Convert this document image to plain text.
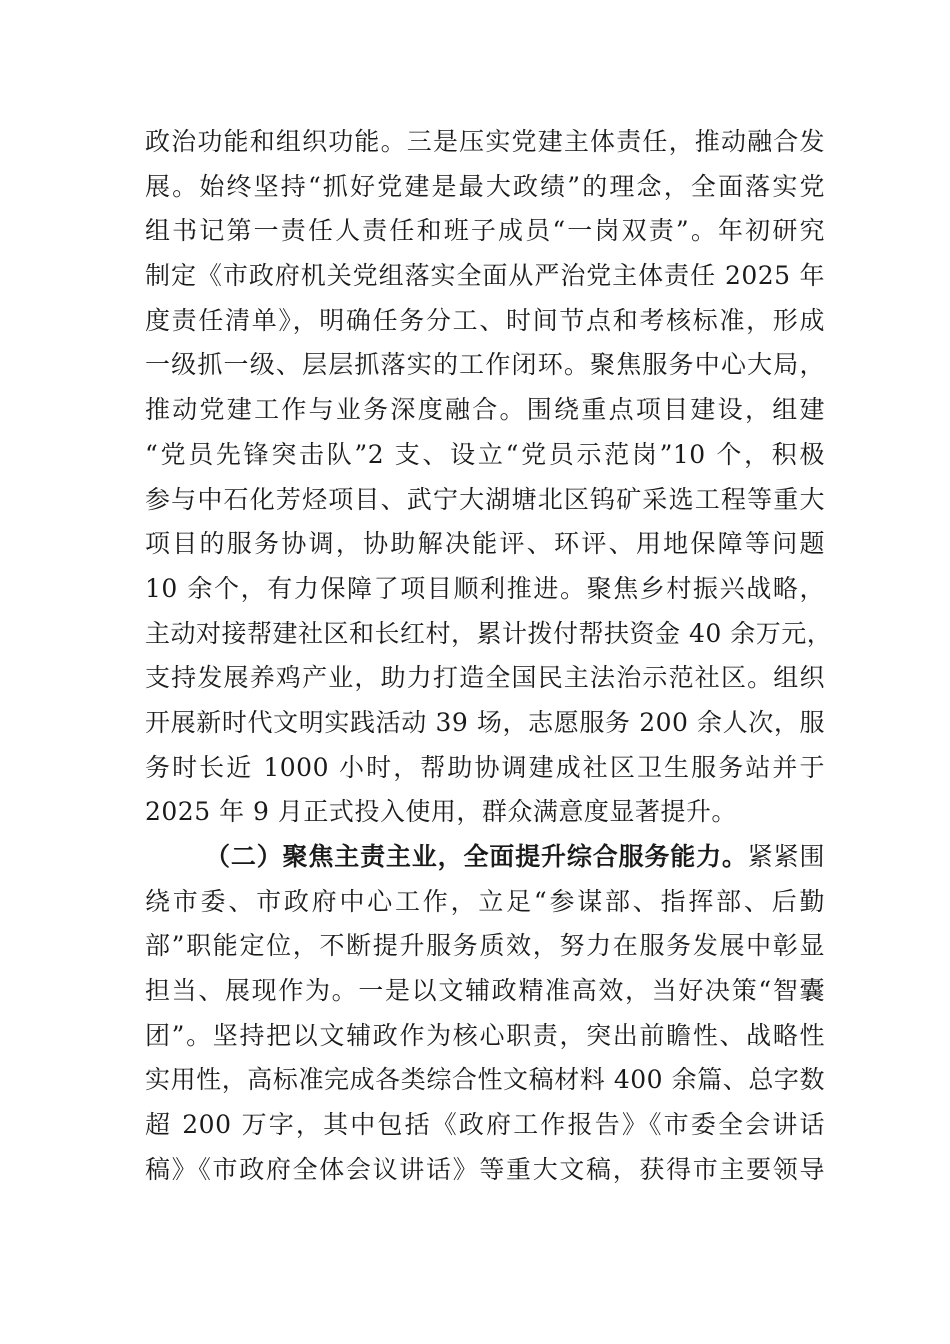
政治功能和组织功能。三是压实党建主体责任，推动融合发
展。始终坚持“抓好党建是最大政绩”的理念，全面落实党
组书记第一责任人责任和班子成员“一岗双责”。年初研究
制定《市政府机关党组落实全面从严治党主体责任 2025 年
度责任清单》，明确任务分工、时间节点和考核标准，形成
一级抓一级、层层抓落实的工作闭环。聚焦服务中心大局，
推动党建工作与业务深度融合。围绕重点项目建设，组建
“党员先锋突击队”2 支、设立“党员示范岗”10 个，积极
参与中石化芳烃项目、武宁大湖塘北区钨矿采选工程等重大
项目的服务协调，协助解决能评、环评、用地保障等问题
10 余个，有力保障了项目顺利推进。聚焦乡村振兴战略，
主动对接帮建社区和长红村，累计拨付帮扶资金 40 余万元，
支持发展养鸡产业，助力打造全国民主法治示范社区。组织
开展新时代文明实践活动 39 场，志愿服务 200 余人次，服
务时长近 1000 小时，帮助协调建成社区卫生服务站并于
2025 年 9 月正式投入使用，群众满意度显著提升。
（二）聚焦主责主业，全面提升综合服务能力。紧紧围
绕市委、市政府中心工作，立足“参谋部、指挥部、后勤
部”职能定位，不断提升服务质效，努力在服务发展中彰显
担当、展现作为。一是以文辅政精准高效，当好决策“智囊
团”。坚持把以文辅政作为核心职责，突出前瞻性、战略性
实用性，高标准完成各类综合性文稿材料 400 余篇、总字数
超 200 万字，其中包括《政府工作报告》《市委全会讲话
稿》《市政府全体会议讲话》等重大文稿，获得市主要领导
